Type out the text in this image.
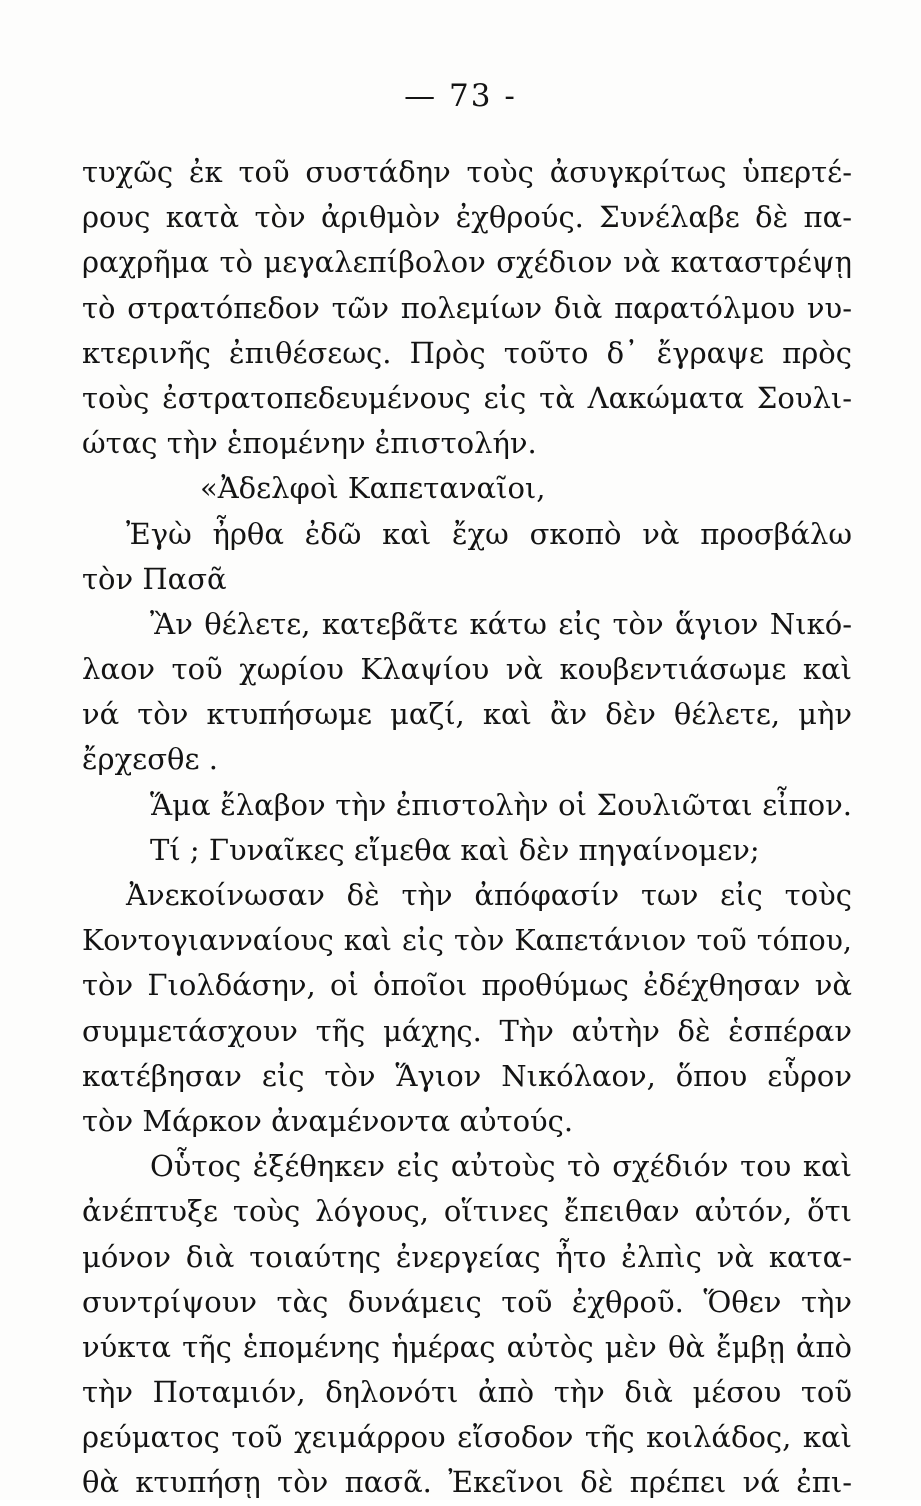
— 73 -
τυχῶς ἐκ τοῦ συστάδην τοὺς ἀσυγκρίτως ὑπερτέ-
ρους κατὰ τὸν ἀριθμὸν ἐχθρούς. Συνέλαβε δὲ πα-
ραχρῆμα τὸ μεγαλεπίβολον σχέδιον νὰ καταστρέψῃ
τὸ στρατόπεδον τῶν πολεμίων διὰ παρατόλμου νυ-
κτερινῆς ἐπιθέσεως. Πρὸς τοῦτο δ᾽ ἔγραψε πρὸς
τοὺς ἐστρατοπεδευμένους εἰς τὰ Λακώματα Σουλι-
ώτας τὴν ἑπομένην ἐπιστολήν.
«Ἀδελφοὶ Καπεταναῖοι,
Ἐγὼ ἦρθα ἐδῶ καὶ ἔχω σκοπὸ νὰ προσβάλω
τὸν Πασᾶ
Ἂν θέλετε, κατεβᾶτε κάτω εἰς τὸν ἅγιον Νικό-
λαον τοῦ χωρίου Κλαψίου νὰ κουβεντιάσωμε καὶ
νά τὸν κτυπήσωμε μαζί, καὶ ἂν δὲν θέλετε, μὴν
ἔρχεσθε .
Ἅμα ἔλαβον τὴν ἐπιστολὴν οἱ Σουλιῶται εἶπον.
Τί ; Γυναῖκες εἴμεθα καὶ δὲν πηγαίνομεν;
Ἀνεκοίνωσαν δὲ τὴν ἀπόφασίν των εἰς τοὺς
Κοντογιανναίους καὶ εἰς τὸν Καπετάνιον τοῦ τόπου,
τὸν Γιολδάσην, οἱ ὁποῖοι προθύμως ἐδέχθησαν νὰ
συμμετάσχουν τῆς μάχης. Τὴν αὐτὴν δὲ ἑσπέραν
κατέβησαν εἰς τὸν Ἅγιον Νικόλαον, ὅπου εὗρον
τὸν Μάρκον ἀναμένοντα αὐτούς.
Οὗτος ἐξέθηκεν εἰς αὐτοὺς τὸ σχέδιόν του καὶ
ἀνέπτυξε τοὺς λόγους, οἵτινες ἔπειθαν αὐτόν, ὅτι
μόνον διὰ τοιαύτης ἐνεργείας ἦτο ἐλπὶς νὰ κατα-
συντρίψουν τὰς δυνάμεις τοῦ ἐχθροῦ. Ὅθεν τὴν
νύκτα τῆς ἑπομένης ἡμέρας αὐτὸς μὲν θὰ ἔμβῃ ἀπὸ
τὴν Ποταμιόν, δηλονότι ἀπὸ τὴν διὰ μέσου τοῦ
ρεύματος τοῦ χειμάρρου εἴσοδον τῆς κοιλάδος, καὶ
θὰ κτυπήσῃ τὸν πασᾶ. Ἐκεῖνοι δὲ πρέπει νά ἐπι-
